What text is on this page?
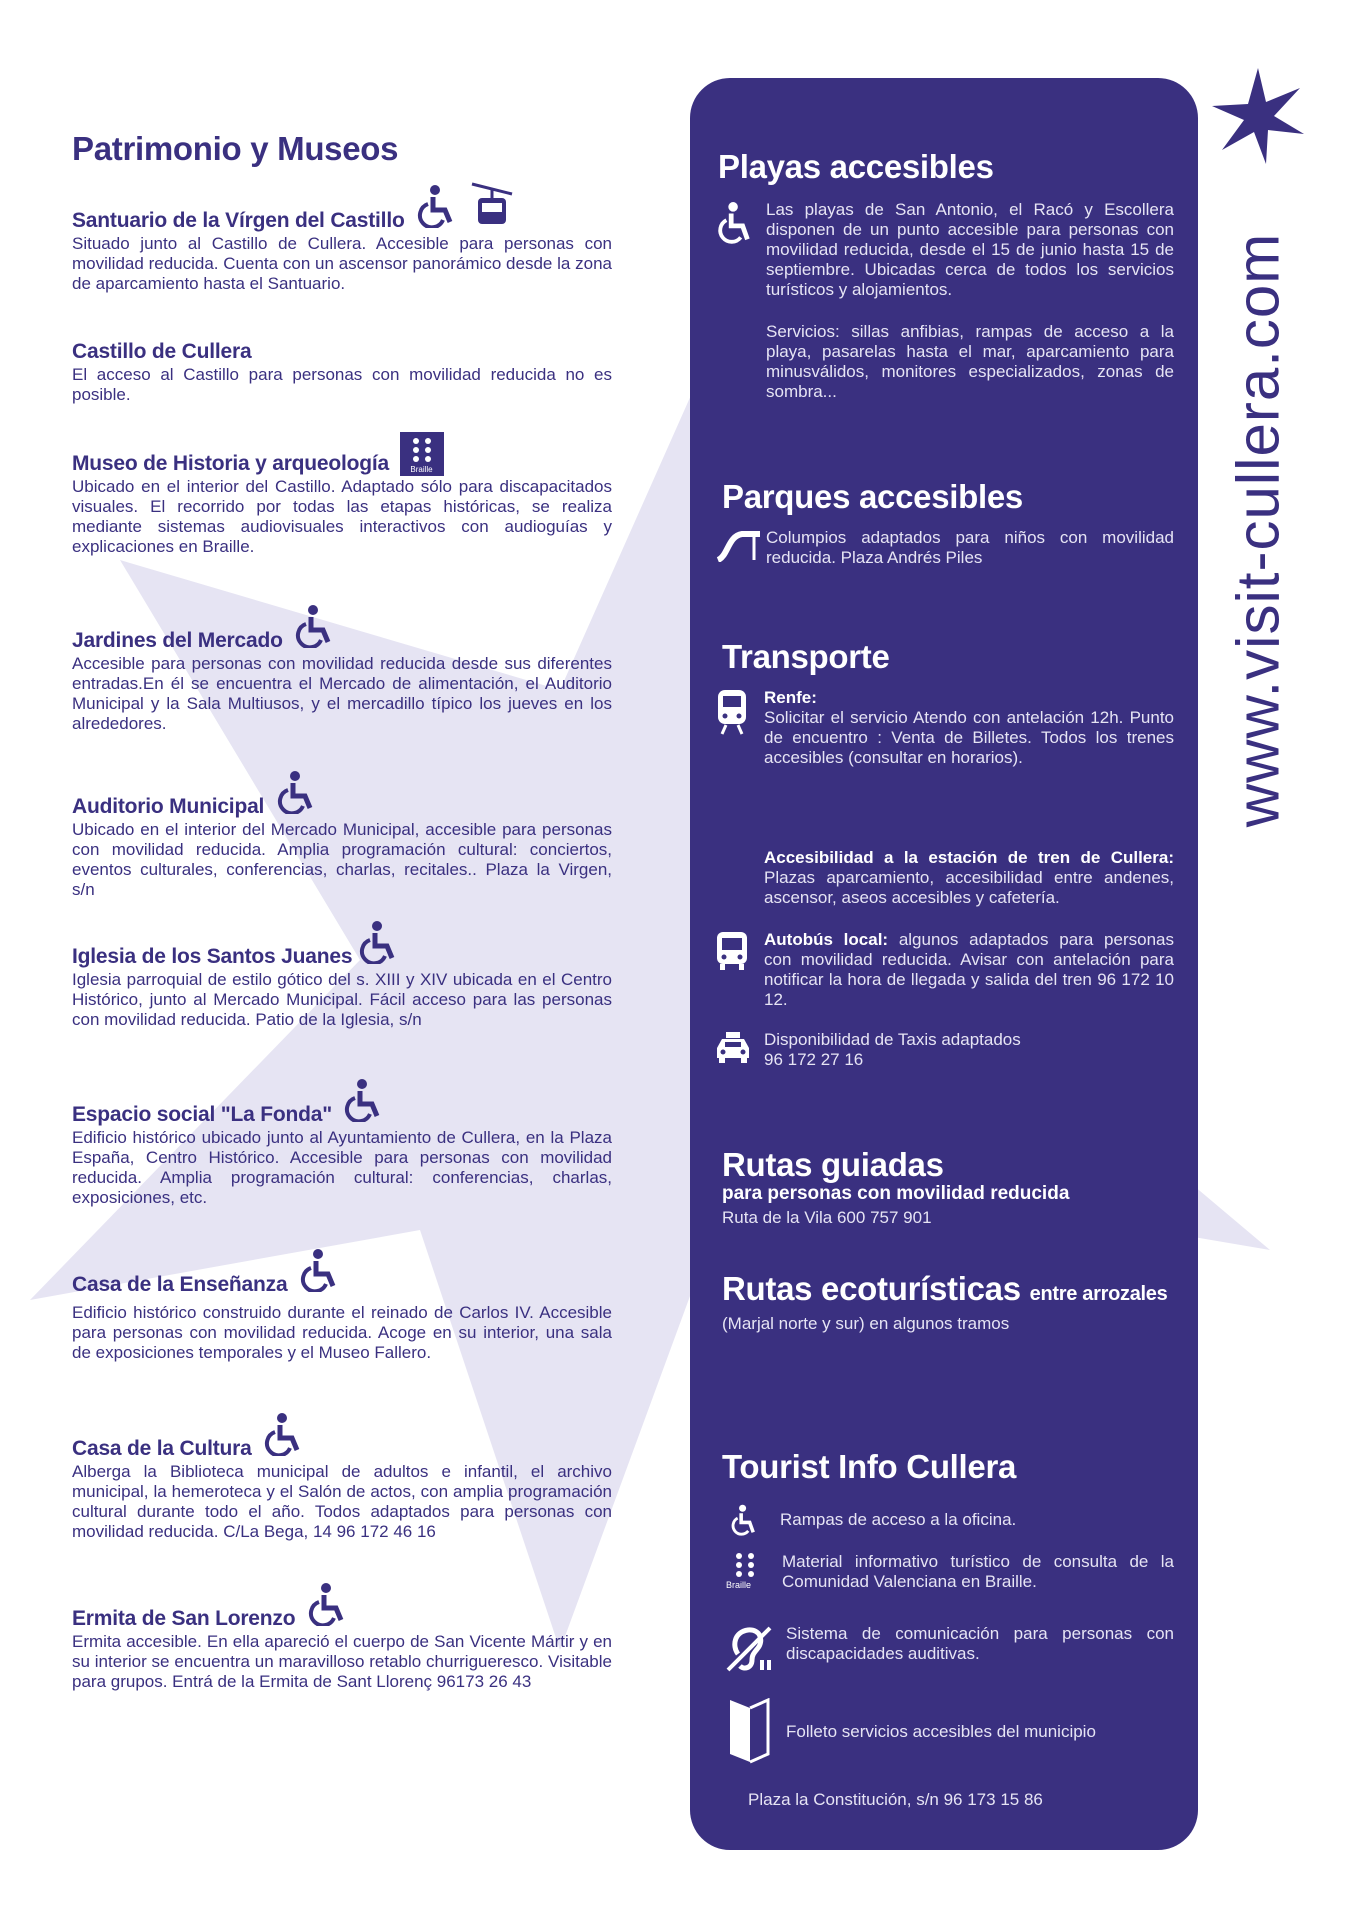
Patrimonio y Museos
Santuario de la Vírgen del Castillo

Situado junto al Castillo de Cullera. Accesible para personas con movilidad reducida. Cuenta con un ascensor panorámico desde la zona de aparcamiento hasta el Santuario.

Castillo de Cullera

El acceso al Castillo para personas con movilidad reducida no es posible.

Museo de Historia y arqueología	Braille

Ubicado en el interior del Castillo. Adaptado sólo para discapacitados visuales. El recorrido por todas las etapas históricas, se realiza mediante sistemas audiovisuales interactivos con audioguías y explicaciones en Braille.

Jardines del Mercado

Accesible para personas con movilidad reducida desde sus diferentes entradas.En él se encuentra el Mercado de alimentación, el Auditorio Municipal y la Sala Multiusos, y el mercadillo típico los jueves en los alrededores.

Auditorio Municipal

Ubicado en el interior del Mercado Municipal, accesible para personas con movilidad reducida. Amplia programación cultural: conciertos, eventos culturales, conferencias, charlas, recitales.. Plaza la Virgen, s/n

Iglesia de los Santos Juanes

Iglesia parroquial de estilo gótico del s. XIII y XIV ubicada en el Centro Histórico, junto al Mercado Municipal. Fácil acceso para las personas con movilidad reducida. Patio de la Iglesia, s/n

Espacio social "La Fonda"

Edificio histórico ubicado junto al Ayuntamiento de Cullera, en la Plaza España, Centro Histórico. Accesible para personas con movilidad reducida. Amplia programación cultural: conferencias, charlas, exposiciones, etc.

Casa de la Enseñanza

Edificio histórico construido durante el reinado de Carlos IV. Accesible para personas con movilidad reducida. Acoge en su interior, una sala de exposiciones temporales y el Museo Fallero.

Casa de la Cultura

Alberga la Biblioteca municipal de adultos e infantil, el archivo municipal, la hemeroteca y el Salón de actos, con amplia programación cultural durante todo el año. Todos adaptados para personas con movilidad reducida. C/La Bega, 14 96 172 46 16

Ermita de San Lorenzo

Ermita accesible. En ella apareció el cuerpo de San Vicente Mártir y en su interior se encuentra un maravilloso retablo churrigueresco. Visitable para grupos. Entrá de la Ermita de Sant Llorenç 96173 26 43

Playas accesibles

Las playas de San Antonio, el Racó y Escollera disponen de un punto accesible para personas con movilidad reducida, desde el 15 de junio hasta 15 de septiembre. Ubicadas cerca de todos los servicios turísticos y alojamientos.

Servicios: sillas anfibias, rampas de acceso a la playa, pasarelas hasta el mar, aparcamiento para minusválidos, monitores especializados, zonas de sombra...

Parques accesibles

Columpios adaptados para niños con movilidad reducida. Plaza Andrés Piles

Transporte

Renfe:

Solicitar el servicio Atendo con antelación 12h. Punto de encuentro : Venta de Billetes. Todos los trenes accesibles (consultar en horarios).

Accesibilidad a la estación de tren de Cullera: Plazas aparcamiento, accesibilidad entre andenes, ascensor, aseos accesibles y cafetería.

Autobús local: algunos adaptados para personas con movilidad reducida. Avisar con antelación para notificar la hora de llegada y salida del tren 96 172 10 12.

Disponibilidad de Taxis adaptados

96 172 27 16

Rutas guiadas

para personas con movilidad reducida

Ruta de la Vila 600 757 901

Rutas ecoturísticas entre arrozales

(Marjal norte y sur) en algunos tramos

Tourist Info Cullera

Rampas de acceso a la oficina.

Braille

Material informativo turístico de consulta de la Comunidad Valenciana en Braille.

Sistema de comunicación para personas con discapacidades auditivas.

Folleto servicios accesibles del municipio

Plaza la Constitución, s/n 96 173 15 86

www.visit-cullera.com
